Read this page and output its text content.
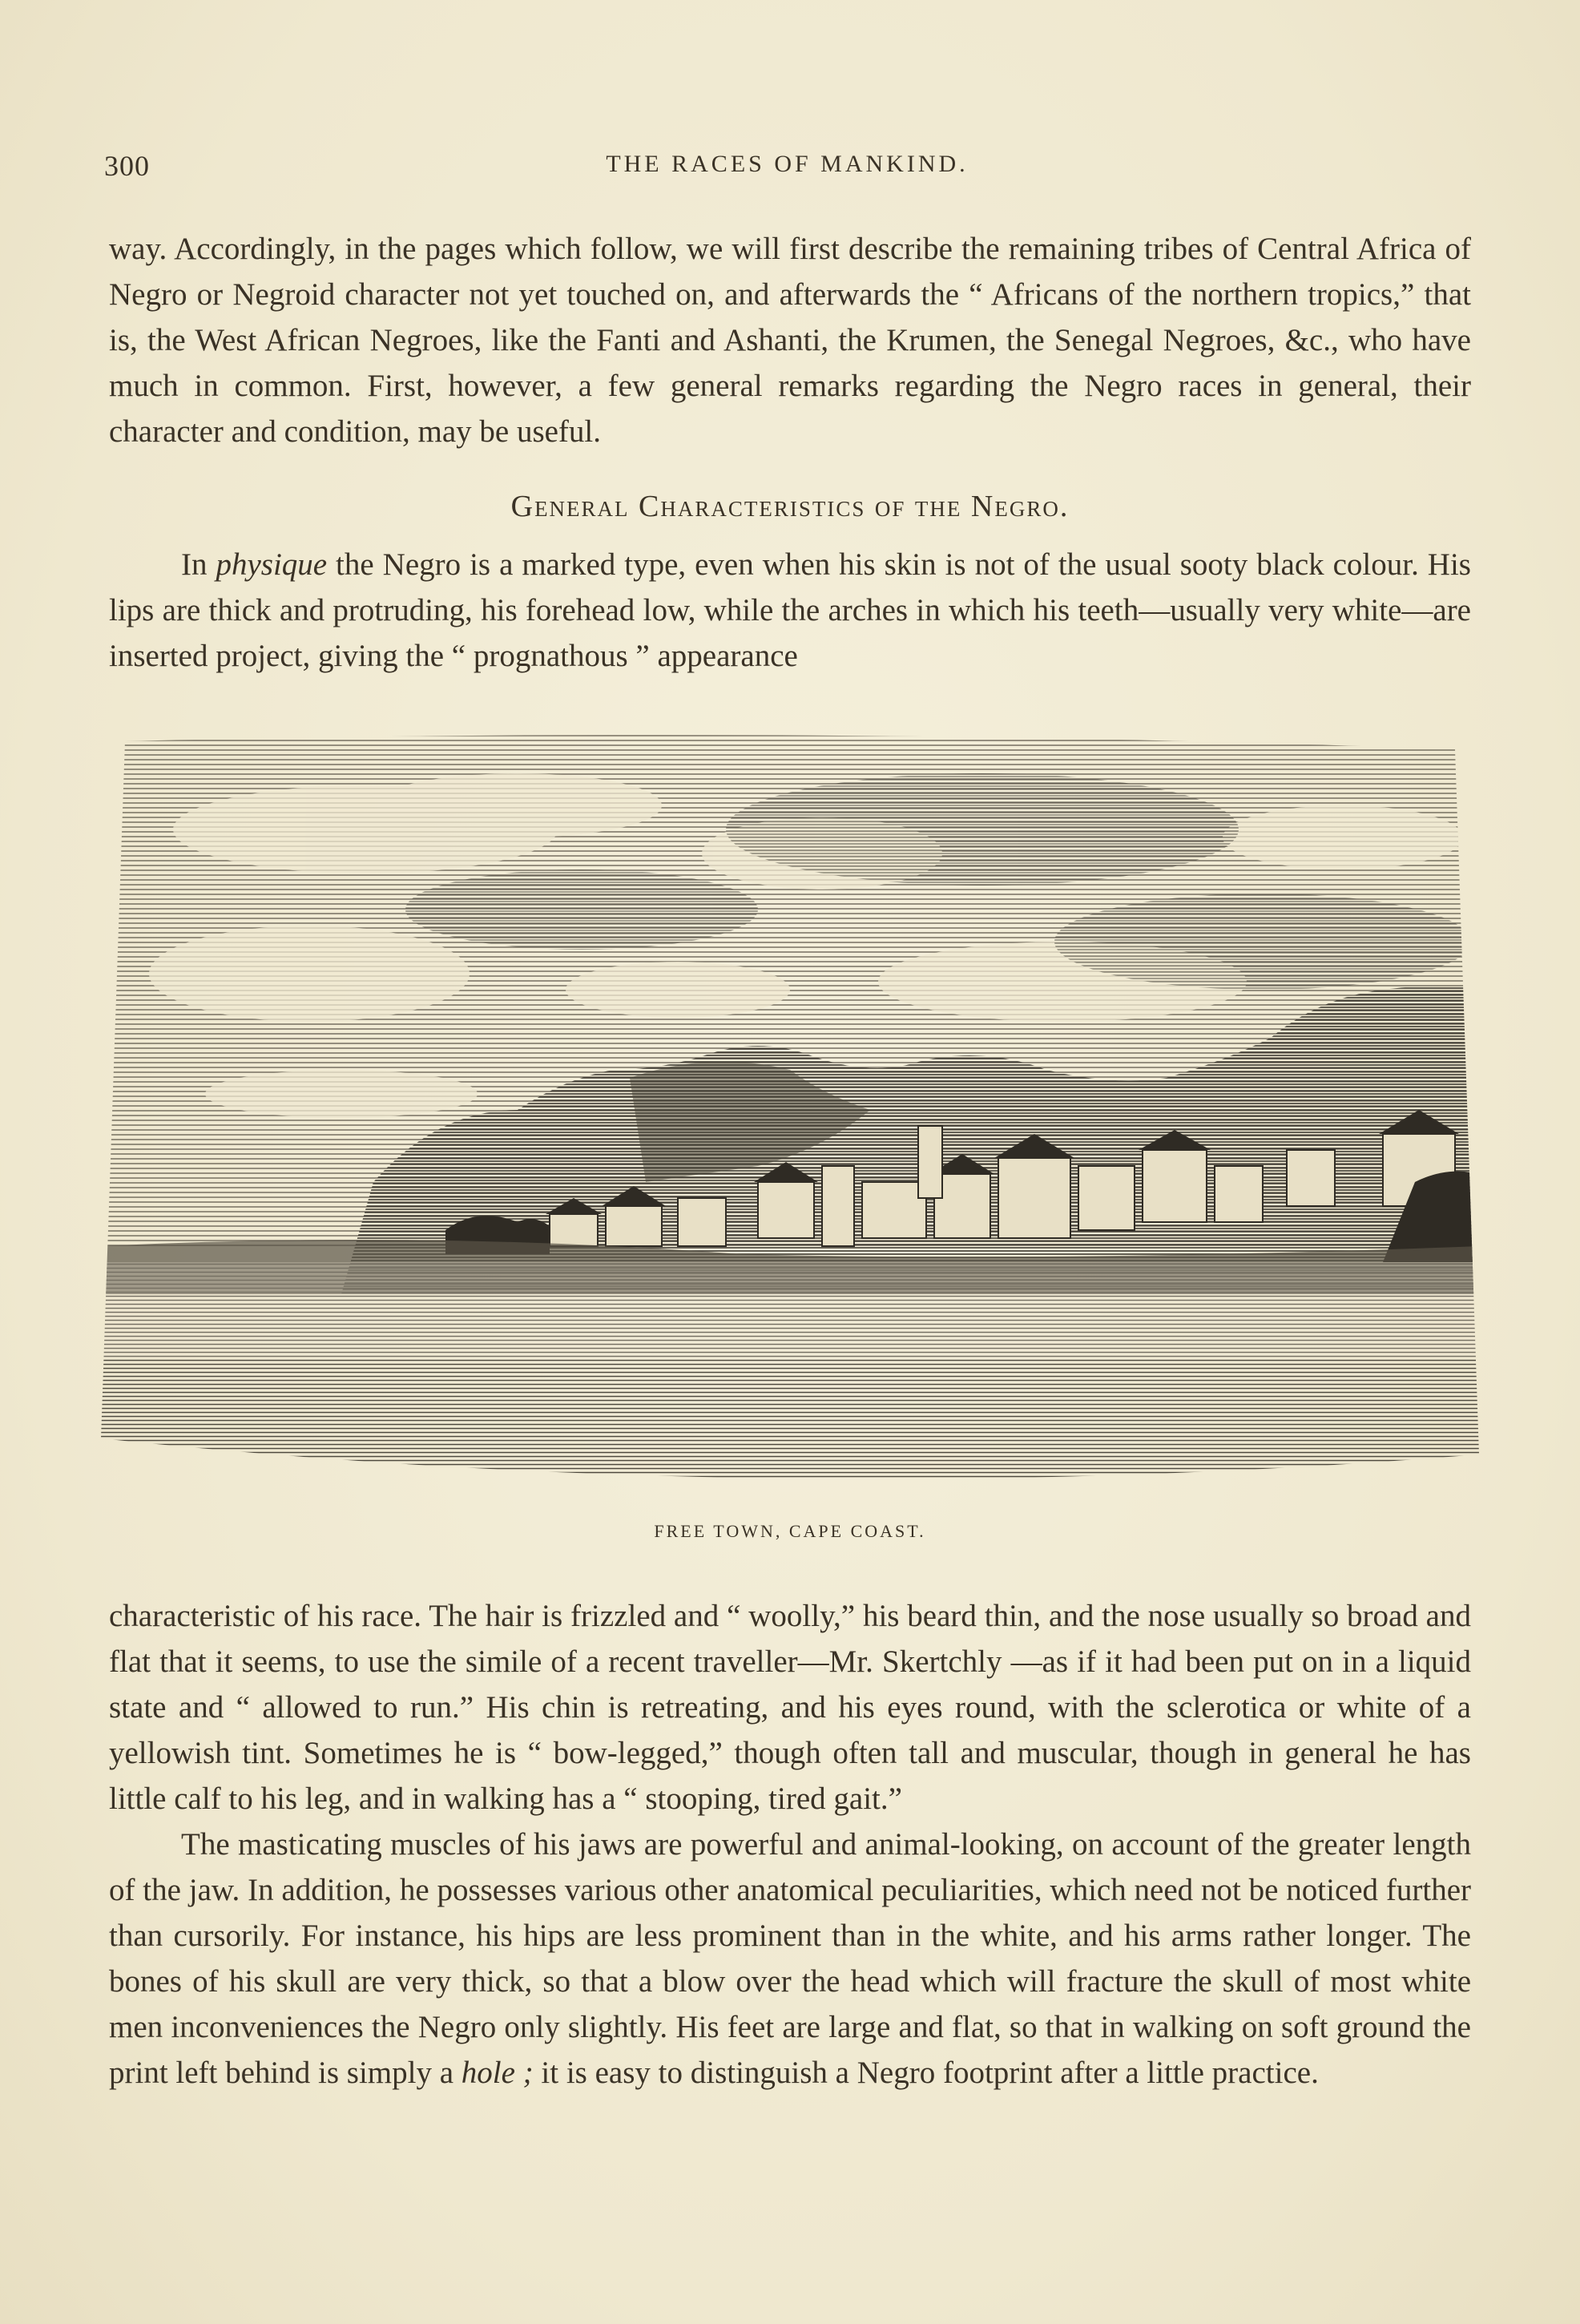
300	THE RACES OF MANKIND.

way. Accordingly, in the pages which follow, we will first describe the remaining tribes of Central Africa of Negro or Negroid character not yet touched on, and afterwards the “ Africans of the northern tropics,” that is, the West African Negroes, like the Fanti and Ashanti, the Krumen, the Senegal Negroes, &c., who have much in common. First, however, a few general remarks regarding the Negro races in general, their character and condition, may be useful.

General Characteristics of the Negro.

In physique the Negro is a marked type, even when his skin is not of the usual sooty black colour. His lips are thick and protruding, his forehead low, while the arches in which his teeth—usually very white—are inserted project, giving the “ prognathous ” appearance

FREE TOWN, CAPE COAST.

characteristic of his race. The hair is frizzled and “ woolly,” his beard thin, and the nose usually so broad and flat that it seems, to use the simile of a recent traveller—Mr. Skertchly —as if it had been put on in a liquid state and “ allowed to run.” His chin is retreating, and his eyes round, with the sclerotica or white of a yellowish tint. Sometimes he is “ bow-legged,” though often tall and muscular, though in general he has little calf to his leg, and in walking has a “ stooping, tired gait.”

The masticating muscles of his jaws are powerful and animal-looking, on account of the greater length of the jaw. In addition, he possesses various other anatomical peculiarities, which need not be noticed further than cursorily. For instance, his hips are less prominent than in the white, and his arms rather longer. The bones of his skull are very thick, so that a blow over the head which will fracture the skull of most white men inconveniences the Negro only slightly. His feet are large and flat, so that in walking on soft ground the print left behind is simply a hole ; it is easy to distinguish a Negro footprint after a little practice.
